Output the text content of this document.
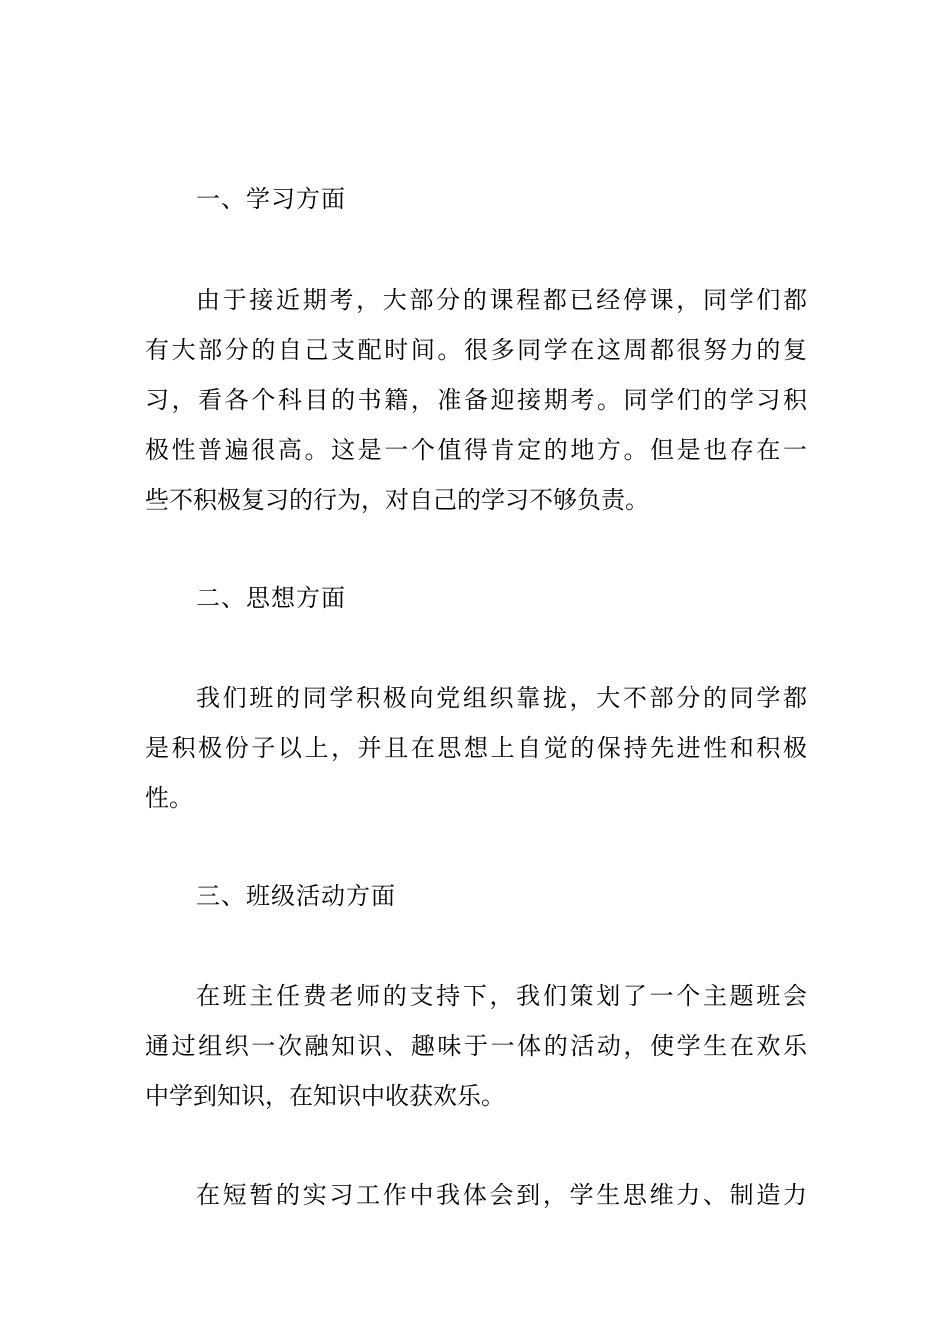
一、学习方面
由于接近期考，大部分的课程都已经停课，同学们都
有大部分的自己支配时间。很多同学在这周都很努力的复
习，看各个科目的书籍，准备迎接期考。同学们的学习积
极性普遍很高。这是一个值得肯定的地方。但是也存在一
些不积极复习的行为，对自己的学习不够负责。
二、思想方面
我们班的同学积极向党组织靠拢，大不部分的同学都
是积极份子以上，并且在思想上自觉的保持先进性和积极
性。
三、班级活动方面
在班主任费老师的支持下，我们策划了一个主题班会
通过组织一次融知识、趣味于一体的活动，使学生在欢乐
中学到知识，在知识中收获欢乐。
在短暂的实习工作中我体会到，学生思维力、制造力
